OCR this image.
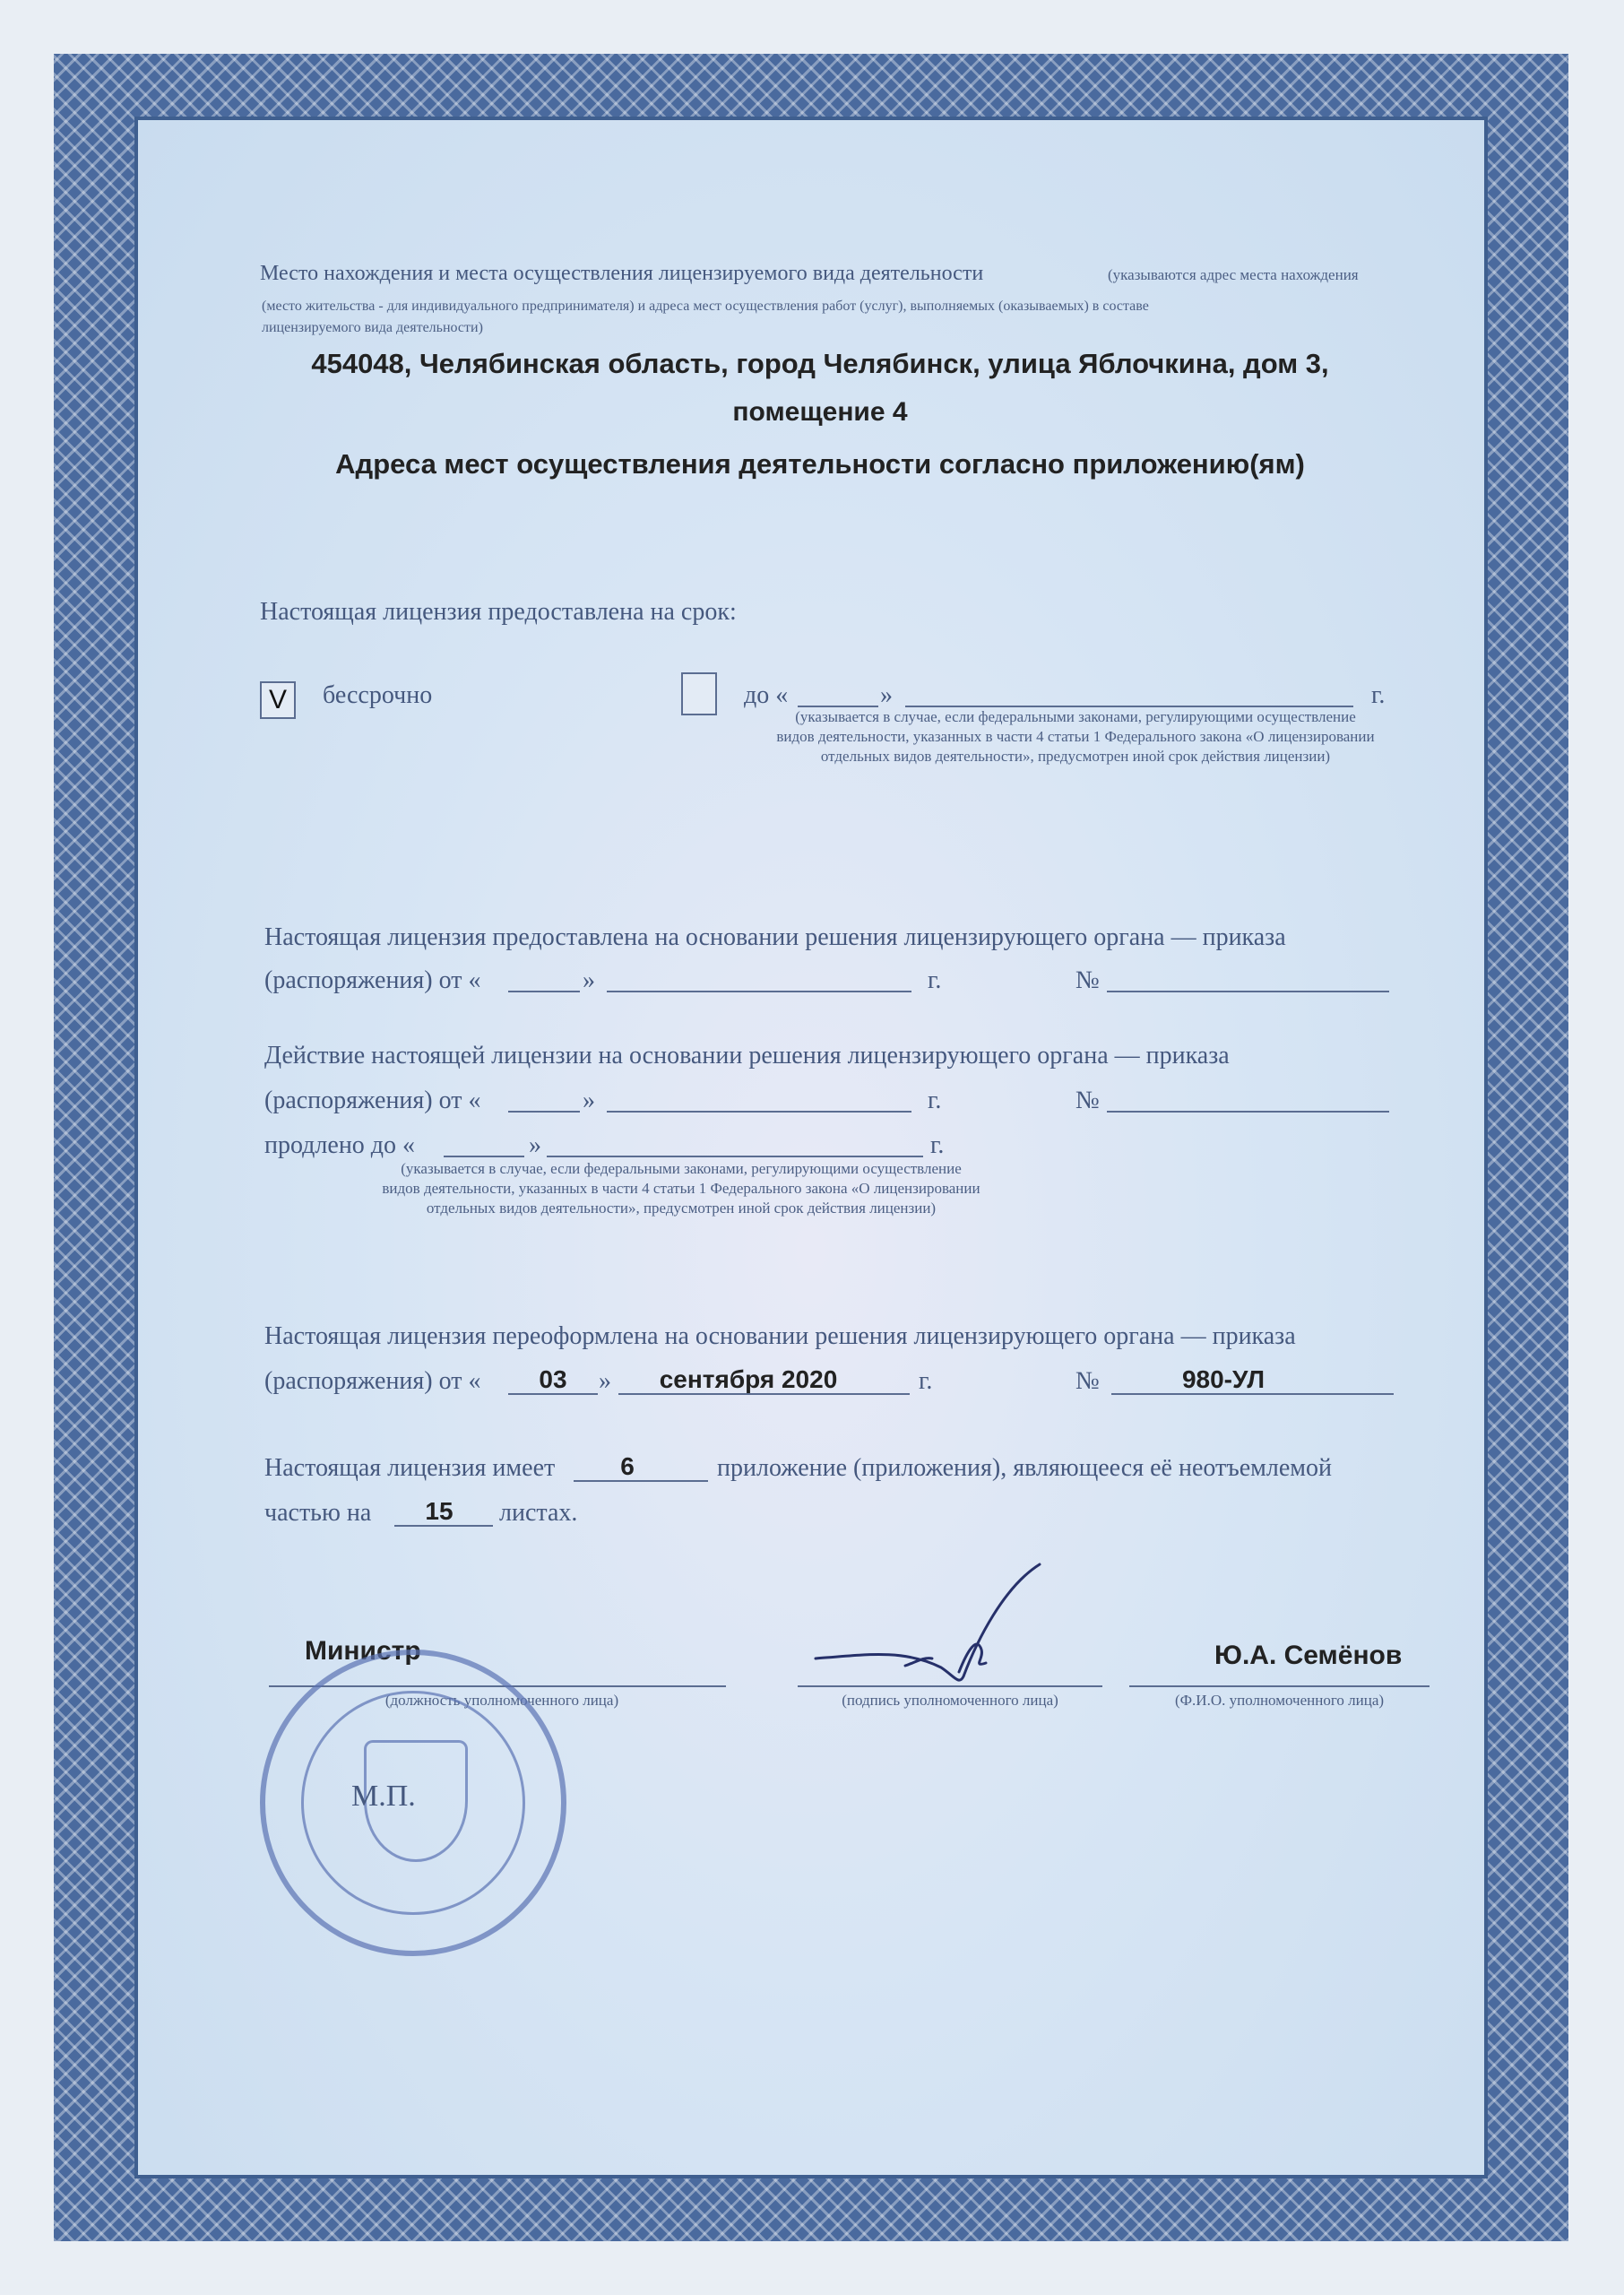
Место нахождения и места осуществления лицензируемого вида деятельности	(указываются адрес места нахождения
(место жительства - для индивидуального предпринимателя) и адреса мест осуществления работ (услуг), выполняемых (оказываемых) в составе
лицензируемого вида деятельности)
454048, Челябинская область, город Челябинск, улица Яблочкина, дом 3,
помещение 4
Адреса мест осуществления деятельности согласно приложению(ям)
Настоящая лицензия предоставлена на срок:
V	бессрочно	до «	»	г.
(указывается в случае, если федеральными законами, регулирующими осуществление
видов деятельности, указанных в части 4 статьи 1 Федерального закона «О лицензировании
отдельных видов деятельности», предусмотрен иной срок действия лицензии)
Настоящая лицензия предоставлена на основании решения лицензирующего органа — приказа
(распоряжения) от «	»	г.	№
Действие настоящей лицензии на основании решения лицензирующего органа — приказа
(распоряжения) от «	»	г.	№
продлено до «	»	г.
(указывается в случае, если федеральными законами, регулирующими осуществление
видов деятельности, указанных в части 4 статьи 1 Федерального закона «О лицензировании
отдельных видов деятельности», предусмотрен иной срок действия лицензии)
Настоящая лицензия переоформлена на основании решения лицензирующего органа — приказа
(распоряжения) от «	03	»	сентября 2020	г.	№	980-УЛ
Настоящая лицензия имеет	6	приложение (приложения), являющееся её неотъемлемой
частью на	15	листах.
Министр
(должность уполномоченного лица)	(подпись уполномоченного лица)
Ю.А. Семёнов
(Ф.И.О. уполномоченного лица)
М.П.
